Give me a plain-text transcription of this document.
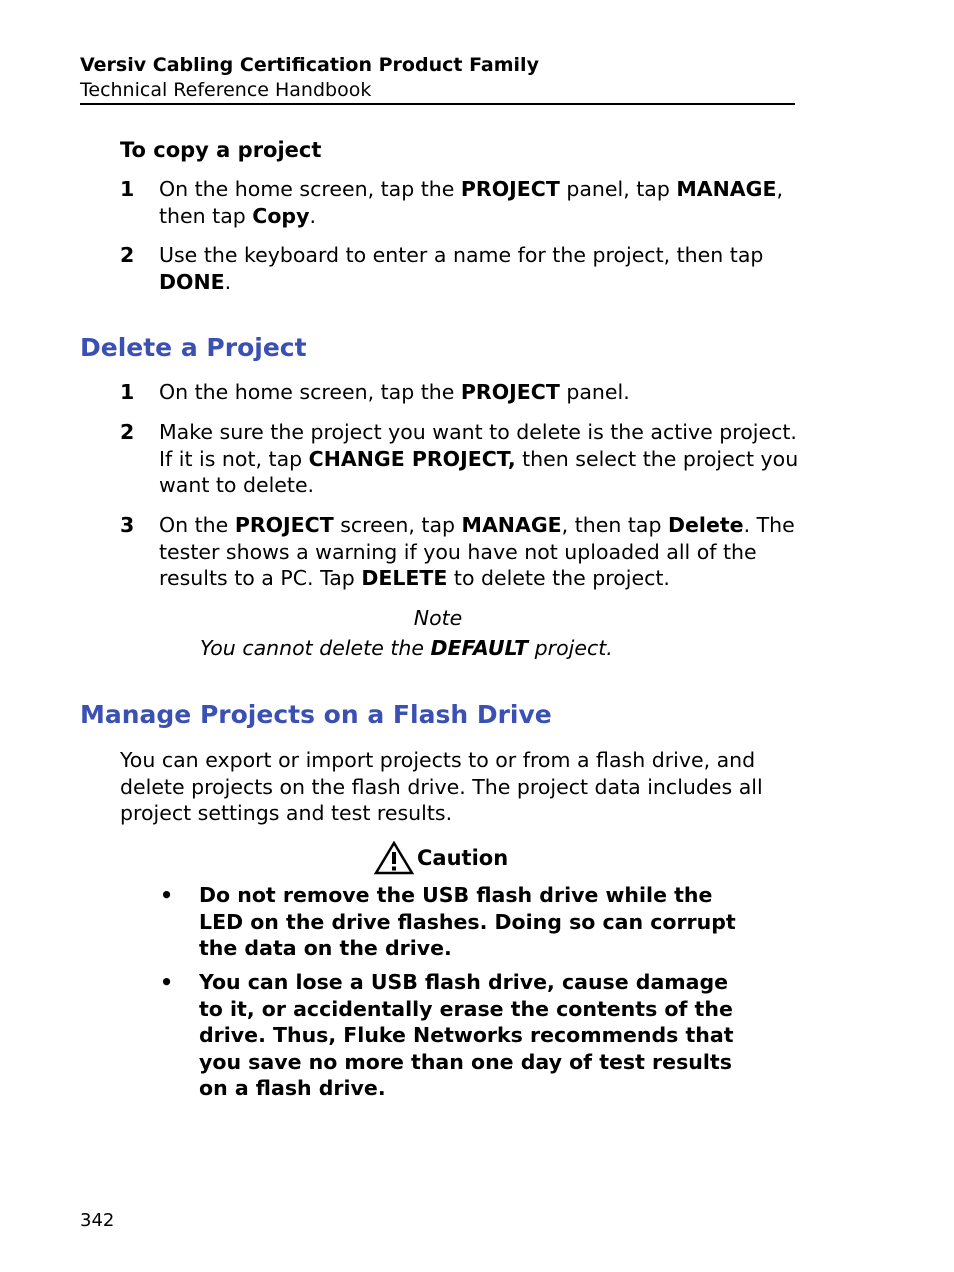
Versiv Cabling Certification Product Family
Technical Reference Handbook
To copy a project
1 On the home screen, tap the PROJECT panel, tap MANAGE, then tap Copy.
2 Use the keyboard to enter a name for the project, then tap DONE.
Delete a Project
1 On the home screen, tap the PROJECT panel.
2 Make sure the project you want to delete is the active project. If it is not, tap CHANGE PROJECT, then select the project you want to delete.
3 On the PROJECT screen, tap MANAGE, then tap Delete. The tester shows a warning if you have not uploaded all of the results to a PC. Tap DELETE to delete the project.
Note
You cannot delete the DEFAULT project.
Manage Projects on a Flash Drive
You can export or import projects to or from a flash drive, and delete projects on the flash drive. The project data includes all project settings and test results.
Caution
• Do not remove the USB flash drive while the LED on the drive flashes. Doing so can corrupt the data on the drive.
• You can lose a USB flash drive, cause damage to it, or accidentally erase the contents of the drive. Thus, Fluke Networks recommends that you save no more than one day of test results on a flash drive.
342
